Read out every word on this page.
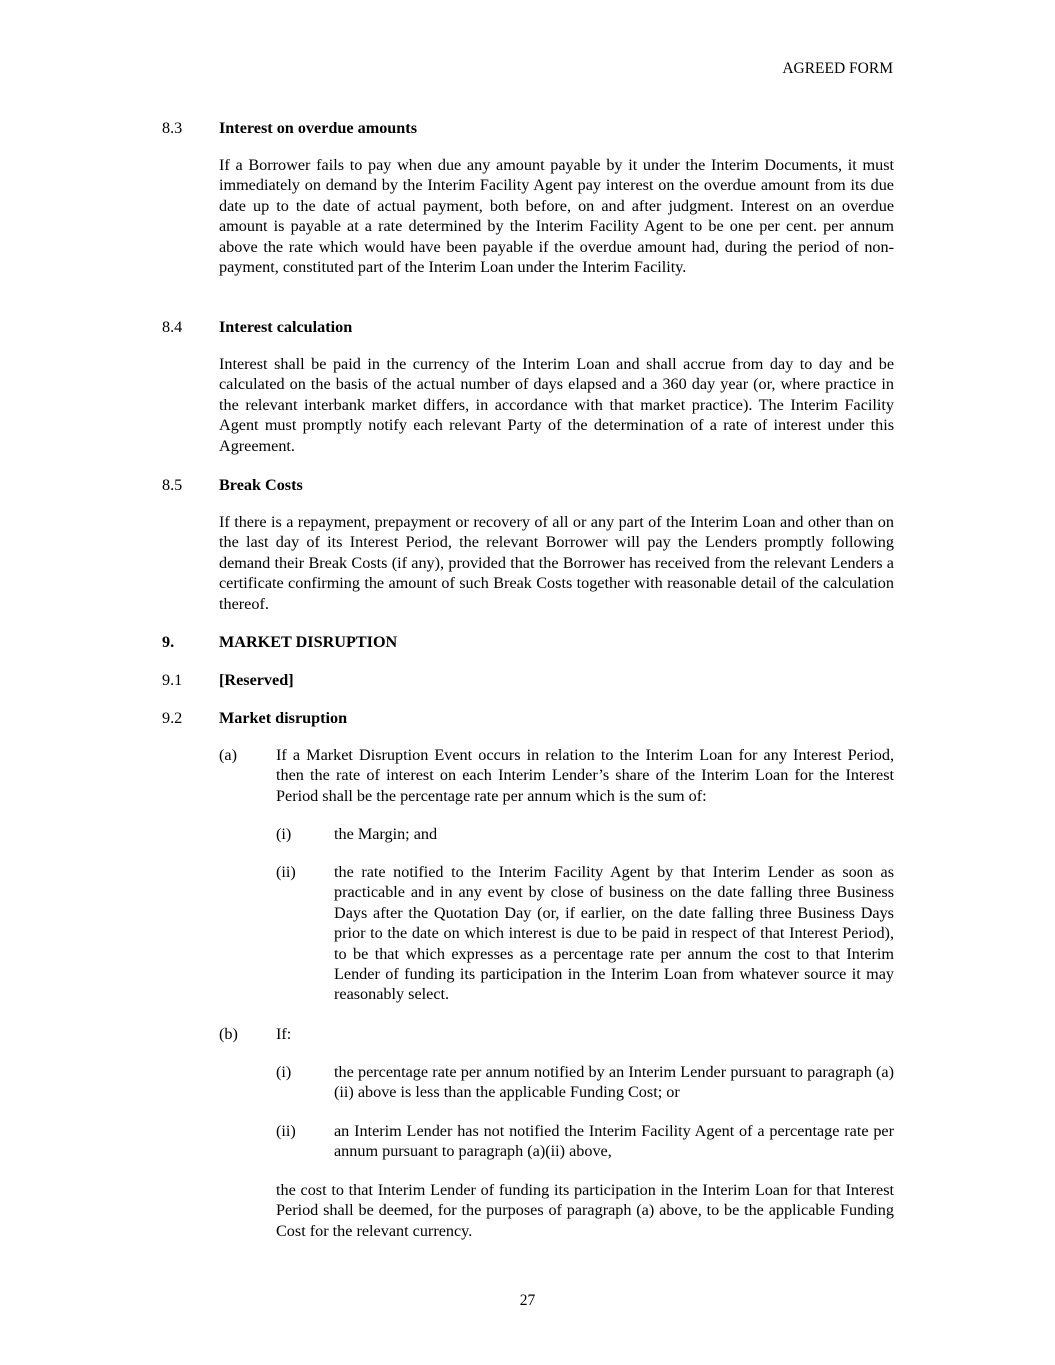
AGREED FORM
8.3 Interest on overdue amounts

If a Borrower fails to pay when due any amount payable by it under the Interim Documents, it must immediately on demand by the Interim Facility Agent pay interest on the overdue amount from its due date up to the date of actual payment, both before, on and after judgment. Interest on an overdue amount is payable at a rate determined by the Interim Facility Agent to be one per cent. per annum above the rate which would have been payable if the overdue amount had, during the period of non-payment, constituted part of the Interim Loan under the Interim Facility.

8.4 Interest calculation

Interest shall be paid in the currency of the Interim Loan and shall accrue from day to day and be calculated on the basis of the actual number of days elapsed and a 360 day year (or, where practice in the relevant interbank market differs, in accordance with that market practice). The Interim Facility Agent must promptly notify each relevant Party of the determination of a rate of interest under this Agreement.

8.5 Break Costs

If there is a repayment, prepayment or recovery of all or any part of the Interim Loan and other than on the last day of its Interest Period, the relevant Borrower will pay the Lenders promptly following demand their Break Costs (if any), provided that the Borrower has received from the relevant Lenders a certificate confirming the amount of such Break Costs together with reasonable detail of the calculation thereof.

9.	MARKET DISRUPTION
9.1 [Reserved]
9.2 Market disruption
(a) If a Market Disruption Event occurs in relation to the Interim Loan for any Interest Period, then the rate of interest on each Interim Lender’s share of the Interim Loan for the Interest Period shall be the percentage rate per annum which is the sum of:

(i)	the Margin; and

(ii) the rate notified to the Interim Facility Agent by that Interim Lender as soon as practicable and in any event by close of business on the date falling three Business Days after the Quotation Day (or, if earlier, on the date falling three Business Days prior to the date on which interest is due to be paid in respect of that Interest Period), to be that which expresses as a percentage rate per annum the cost to that Interim Lender of funding its participation in the Interim Loan from whatever source it may reasonably select.

(b) If:

(i)	the percentage rate per annum notified by an Interim Lender pursuant to paragraph (a)(ii) above is less than the applicable Funding Cost; or

(ii) an Interim Lender has not notified the Interim Facility Agent of a percentage rate per annum pursuant to paragraph (a)(ii) above,

the cost to that Interim Lender of funding its participation in the Interim Loan for that Interest Period shall be deemed, for the purposes of paragraph (a) above, to be the applicable Funding Cost for the relevant currency.

27
